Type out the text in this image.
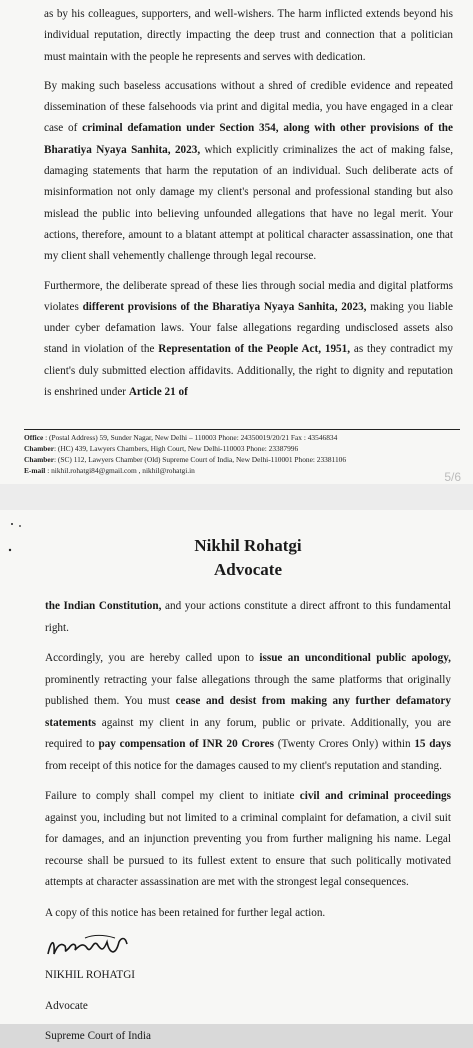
as by his colleagues, supporters, and well-wishers. The harm inflicted extends beyond his individual reputation, directly impacting the deep trust and connection that a politician must maintain with the people he represents and serves with dedication.

By making such baseless accusations without a shred of credible evidence and repeated dissemination of these falsehoods via print and digital media, you have engaged in a clear case of criminal defamation under Section 354, along with other provisions of the Bharatiya Nyaya Sanhita, 2023, which explicitly criminalizes the act of making false, damaging statements that harm the reputation of an individual. Such deliberate acts of misinformation not only damage my client's personal and professional standing but also mislead the public into believing unfounded allegations that have no legal merit. Your actions, therefore, amount to a blatant attempt at political character assassination, one that my client shall vehemently challenge through legal recourse.

Furthermore, the deliberate spread of these lies through social media and digital platforms violates different provisions of the Bharatiya Nyaya Sanhita, 2023, making you liable under cyber defamation laws. Your false allegations regarding undisclosed assets also stand in violation of the Representation of the People Act, 1951, as they contradict my client's duly submitted election affidavits. Additionally, the right to dignity and reputation is enshrined under Article 21 of

Office : (Postal Address) 59, Sunder Nagar, New Delhi – 110003 Phone: 24350019/20/21 Fax : 43546834
Chamber: (HC) 439, Lawyers Chambers, High Court, New Delhi-110003 Phone: 23387996
Chamber: (SC) 112, Lawyers Chamber (Old) Supreme Court of India, New Delhi-110001 Phone: 23381106
E-mail : nikhil.rohatgi84@gmail.com , nikhil@rohatgi.in	5/6
Nikhil Rohatgi
Advocate

the Indian Constitution, and your actions constitute a direct affront to this fundamental right.

Accordingly, you are hereby called upon to issue an unconditional public apology, prominently retracting your false allegations through the same platforms that originally published them. You must cease and desist from making any further defamatory statements against my client in any forum, public or private. Additionally, you are required to pay compensation of INR 20 Crores (Twenty Crores Only) within 15 days from receipt of this notice for the damages caused to my client's reputation and standing.

Failure to comply shall compel my client to initiate civil and criminal proceedings against you, including but not limited to a criminal complaint for defamation, a civil suit for damages, and an injunction preventing you from further maligning his name. Legal recourse shall be pursued to its fullest extent to ensure that such politically motivated attempts at character assassination are met with the strongest legal consequences.

A copy of this notice has been retained for further legal action.

NIKHIL ROHATGI

Advocate

Supreme Court of India
